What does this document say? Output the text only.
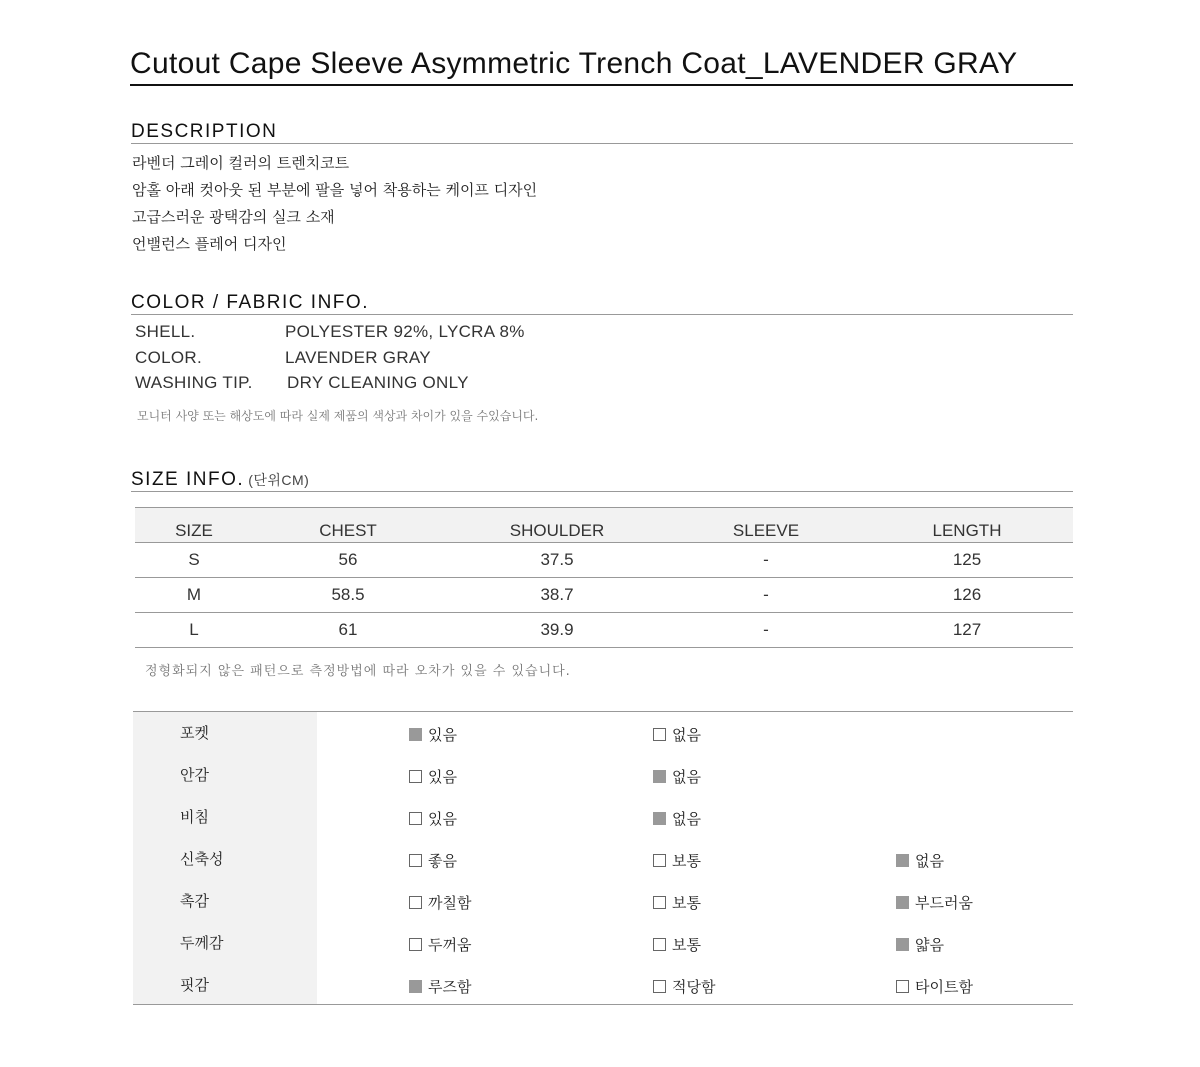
Cutout Cape Sleeve Asymmetric Trench Coat_LAVENDER GRAY
DESCRIPTION
라벤더 그레이 컬러의 트렌치코트
암홀 아래 컷아웃 된 부분에 팔을 넣어 착용하는 케이프 디자인
고급스러운 광택감의 실크 소재
언밸런스 플레어 디자인
COLOR / FABRIC INFO.
SHELL.	POLYESTER 92%, LYCRA 8%
COLOR.	LAVENDER GRAY
WASHING TIP. DRY CLEANING ONLY
모니터 사양 또는 해상도에 따라 실제 제품의 색상과 차이가 있을 수있습니다.
SIZE INFO. (단위CM)
SIZE	CHEST	SHOULDER	SLEEVE	LENGTH
S	56	37.5	-	125
M	58.5	38.7	-	126
L	61	39.9	-	127
정형화되지 않은 패턴으로 측정방법에 따라 오차가 있을 수 있습니다.
포켓	있음	없음
안감	있음	없음
비침	있음	없음
신축성	좋음	보통	없음
촉감	까칠함	보통	부드러움
두께감	두꺼움	보통	얇음
핏감	루즈함	적당함	타이트함
